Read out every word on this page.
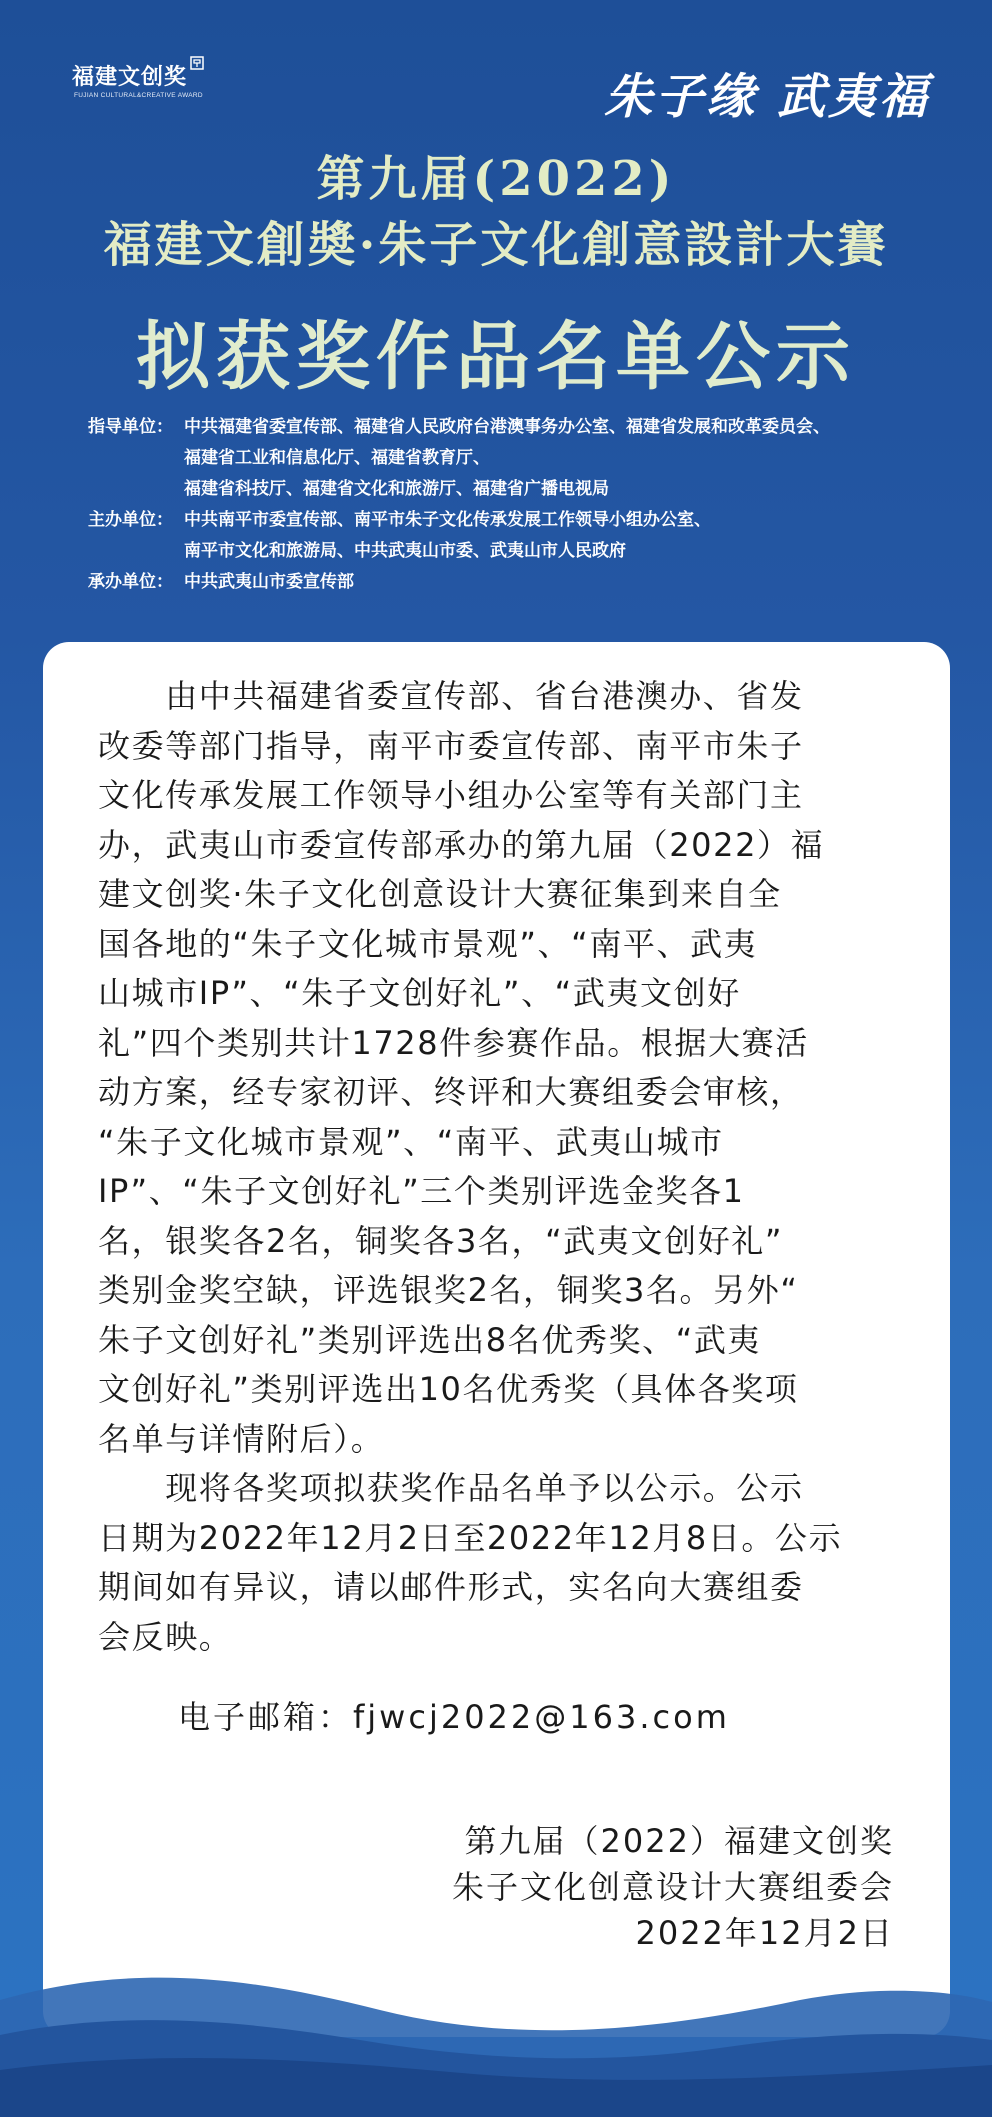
福建文创奖
FUJIAN CULTURAL&CREATIVE AWARD	朱子缘 武夷福
第九届(2022)
福建文創奬·朱子文化創意設計大賽
拟获奖作品名单公示
指导单位： 中共福建省委宣传部、福建省人民政府台港澳事务办公室、福建省发展和改革委员会、
福建省工业和信息化厅、福建省教育厅、
福建省科技厅、福建省文化和旅游厅、福建省广播电视局
主办单位： 中共南平市委宣传部、南平市朱子文化传承发展工作领导小组办公室、
南平市文化和旅游局、中共武夷山市委、武夷山市人民政府
承办单位： 中共武夷山市委宣传部
　　由中共福建省委宣传部、省台港澳办、省发
改委等部门指导，南平市委宣传部、南平市朱子
文化传承发展工作领导小组办公室等有关部门主
办，武夷山市委宣传部承办的第九届（2022）福
建文创奖·朱子文化创意设计大赛征集到来自全
国各地的“朱子文化城市景观”、“南平、武夷
山城市IP”、“朱子文创好礼”、“武夷文创好
礼”四个类别共计1728件参赛作品。根据大赛活
动方案，经专家初评、终评和大赛组委会审核，
“朱子文化城市景观”、“南平、武夷山城市
IP”、“朱子文创好礼”三个类别评选金奖各1
名，银奖各2名，铜奖各3名，“武夷文创好礼”
类别金奖空缺，评选银奖2名，铜奖3名。另外“
朱子文创好礼”类别评选出8名优秀奖、“武夷
文创好礼”类别评选出10名优秀奖（具体各奖项
名单与详情附后）。
　　现将各奖项拟获奖作品名单予以公示。公示
日期为2022年12月2日至2022年12月8日。公示
期间如有异议，请以邮件形式，实名向大赛组委
会反映。
电子邮箱：fjwcj2022@163.com
第九届（2022）福建文创奖
朱子文化创意设计大赛组委会
2022年12月2日
